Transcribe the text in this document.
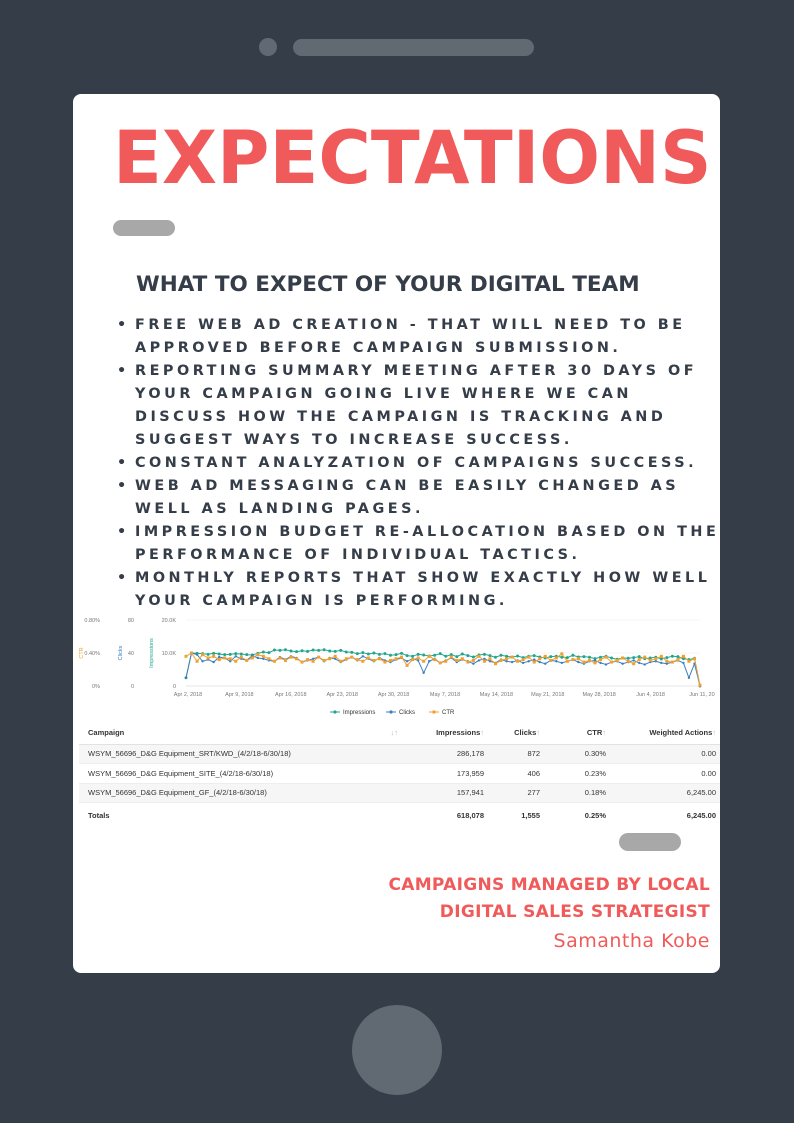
EXPECTATIONS
WHAT TO EXPECT OF YOUR DIGITAL TEAM
• FREE WEB AD CREATION - THAT WILL NEED TO BE
APPROVED BEFORE CAMPAIGN SUBMISSION.
• REPORTING SUMMARY MEETING AFTER 30 DAYS OF
YOUR CAMPAIGN GOING LIVE WHERE WE CAN
DISCUSS HOW THE CAMPAIGN IS TRACKING AND
SUGGEST WAYS TO INCREASE SUCCESS.
• CONSTANT ANALYZATION OF CAMPAIGNS SUCCESS.
• WEB AD MESSAGING CAN BE EASILY CHANGED AS
WELL AS LANDING PAGES.
• IMPRESSION BUDGET RE-ALLOCATION BASED ON THE
PERFORMANCE OF INDIVIDUAL TACTICS.
• MONTHLY REPORTS THAT SHOW EXACTLY HOW WELL
YOUR CAMPAIGN IS PERFORMING.
0.80%
0.40%
0%
80
40
0
20.0K
10.0K
0
CTR	Clicks	Impressions
Apr 2, 2018	Apr 9, 2018	Apr 16, 2018	Apr 23, 2018	Apr 30, 2018	May 7, 2018	May 14, 2018	May 21, 2018	May 28, 2018	Jun 4, 2018	Jun 11, 20
Impressions	Clicks	CTR
Campaign ↓↑	Impressions↑	Clicks↑	CTR↑	Weighted Actions↑
WSYM_56696_D&G Equipment_SRT/KWD_(4/2/18-6/30/18)	286,178	872	0.30%	0.00
WSYM_56696_D&G Equipment_SITE_(4/2/18-6/30/18)	173,959	406	0.23%	0.00
WSYM_56696_D&G Equipment_GF_(4/2/18-6/30/18)	157,941	277	0.18%	6,245.00
Totals	618,078	1,555	0.25%	6,245.00
CAMPAIGNS MANAGED BY LOCAL
DIGITAL SALES STRATEGIST
Samantha Kobe
